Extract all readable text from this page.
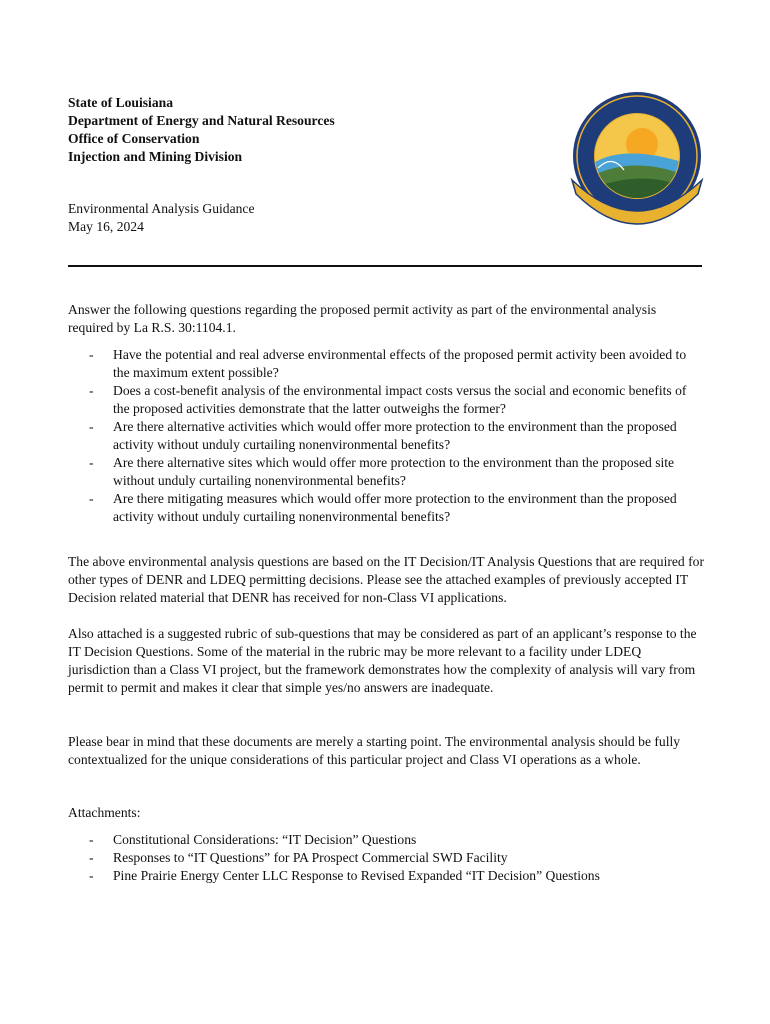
State of Louisiana
Department of Energy and Natural Resources
Office of Conservation
Injection and Mining Division
Environmental Analysis Guidance
May 16, 2024

Answer the following questions regarding the proposed permit activity as part of the environmental analysis required by La R.S. 30:1104.1.

- Have the potential and real adverse environmental effects of the proposed permit activity been avoided to the maximum extent possible?
- Does a cost-benefit analysis of the environmental impact costs versus the social and economic benefits of the proposed activities demonstrate that the latter outweighs the former?
- Are there alternative activities which would offer more protection to the environment than the proposed activity without unduly curtailing nonenvironmental benefits?
- Are there alternative sites which would offer more protection to the environment than the proposed site without unduly curtailing nonenvironmental benefits?
- Are there mitigating measures which would offer more protection to the environment than the proposed activity without unduly curtailing nonenvironmental benefits?

The above environmental analysis questions are based on the IT Decision/IT Analysis Questions that are required for other types of DENR and LDEQ permitting decisions. Please see the attached examples of previously accepted IT Decision related material that DENR has received for non-Class VI applications.

Also attached is a suggested rubric of sub-questions that may be considered as part of an applicant’s response to the IT Decision Questions. Some of the material in the rubric may be more relevant to a facility under LDEQ jurisdiction than a Class VI project, but the framework demonstrates how the complexity of analysis will vary from permit to permit and makes it clear that simple yes/no answers are inadequate.

Please bear in mind that these documents are merely a starting point. The environmental analysis should be fully contextualized for the unique considerations of this particular project and Class VI operations as a whole.

Attachments:

- Constitutional Considerations: “IT Decision” Questions
- Responses to “IT Questions” for PA Prospect Commercial SWD Facility
- Pine Prairie Energy Center LLC Response to Revised Expanded “IT Decision” Questions
